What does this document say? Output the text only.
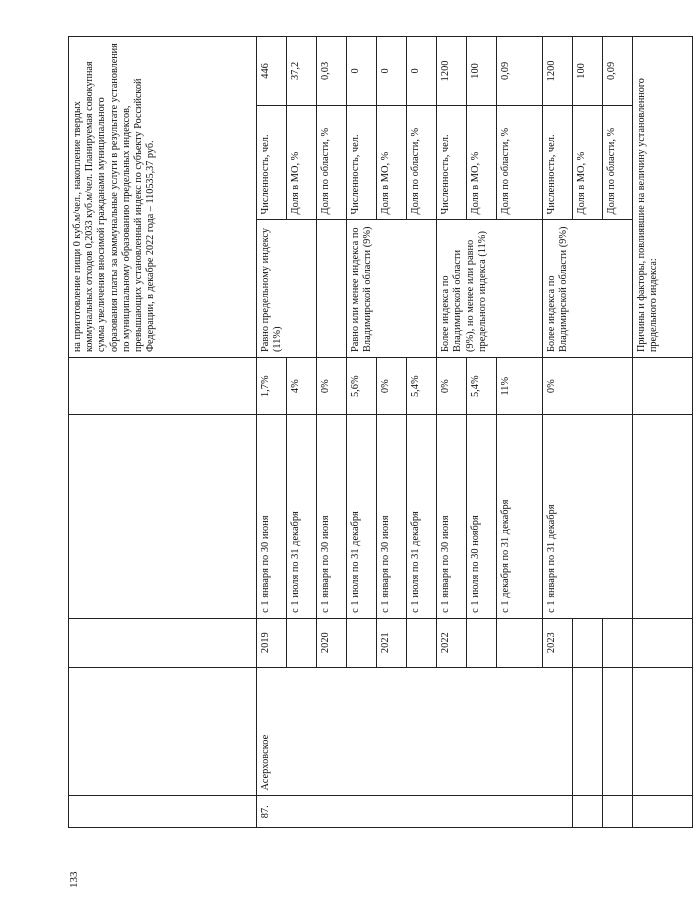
133
					на приготовление пищи 0 куб.м/чел., накопление твердых коммунальных отходов 0,2033 куб.м/чел. Планируемая совокупная сумма увеличения вносимой гражданами муниципального образования платы за коммунальные услуги в результате установления по муниципальному образованию предельных индексов, превышающих установленный индекс по субъекту Российской Федерации, в декабре 2022 года – 110535,37 руб.		
87.	Асерховское	2019	с 1 января по 30 июня	1,7%	Равно предельному индексу (11%)	Численность, чел.	446
			с 1 июля по 31 декабря	4%		Доля в МО, %	37,2
		2020	с 1 января по 30 июня	0%		Доля по области, %	0,03
			с 1 июля по 31 декабря	5,6%	Равно или менее индекса по Владимирской области (9%)	Численность, чел.	0
		2021	с 1 января по 30 июня	0%		Доля в МО, %	0
			с 1 июля по 31 декабря	5,4%		Доля по области, %	0
		2022	с 1 января по 30 июня	0%	Более индекса по Владимирской области (9%), но менее или равно предельного индекса (11%)	Численность, чел.	1200
			с 1 июля по 30 ноября	5,4%		Доля в МО, %	100
			с 1 декабря по 31 декабря	11%		Доля по области, %	0,09
		2023	с 1 января по 31 декабря	0%	Более индекса по Владимирской области (9%)	Численность, чел.	1200
						Доля в МО, %	100
						Доля по области, %	0,09
					Причины и факторы, повлиявшие на величину установленного предельного индекса:		
